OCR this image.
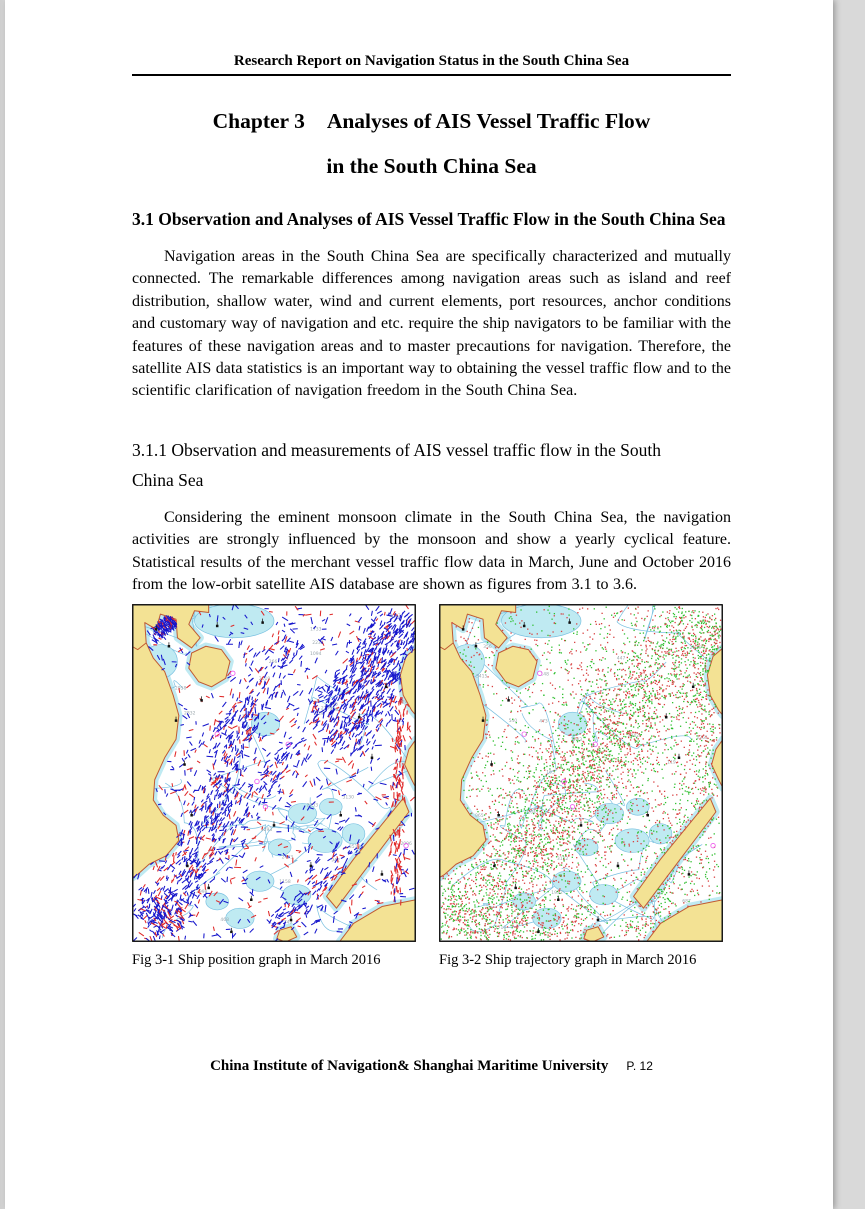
Research Report on Navigation Status in the South China Sea
Chapter 3 Analyses of AIS Vessel Traffic Flow
in the South China Sea
3.1 Observation and Analyses of AIS Vessel Traffic Flow in the South China Sea

Navigation areas in the South China Sea are specifically characterized and mutually connected. The remarkable differences among navigation areas such as island and reef distribution, shallow water, wind and current elements, port resources, anchor conditions and customary way of navigation and etc. require the ship navigators to be familiar with the features of these navigation areas and to master precautions for navigation. Therefore, the satellite AIS data statistics is an important way to obtaining the vessel traffic flow and to the scientific clarification of navigation freedom in the South China Sea.

3.1.1 Observation and measurements of AIS vessel traffic flow in the South China Sea

Considering the eminent monsoon climate in the South China Sea, the navigation activities are strongly influenced by the monsoon and show a yearly cyclical feature. Statistical results of the merchant vessel traffic flow data in March, June and October 2016 from the low-orbit satellite AIS database are shown as figures from 3.1 to 3.6.

Fig 3-1 Ship position graph in March 2016	Fig 3-2 Ship trajectory graph in March 2016
China Institute of Navigation& Shanghai Maritime University P. 12
